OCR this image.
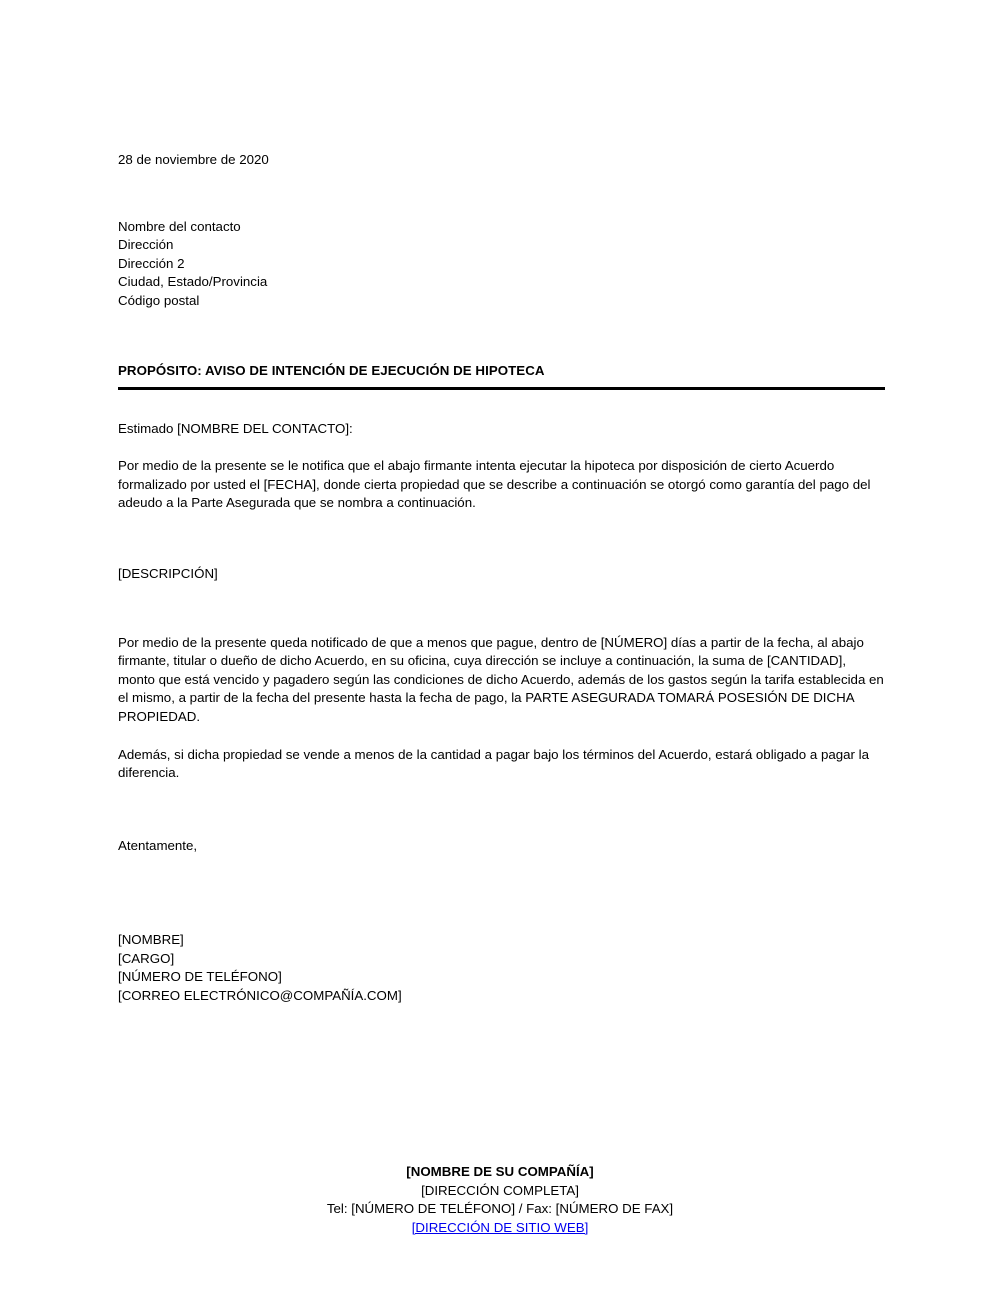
28 de noviembre de 2020
Nombre del contacto
Dirección
Dirección 2
Ciudad, Estado/Provincia
Código postal
PROPÓSITO: AVISO DE INTENCIÓN DE EJECUCIÓN DE HIPOTECA
Estimado [NOMBRE DEL CONTACTO]:
Por medio de la presente se le notifica que el abajo firmante intenta ejecutar la hipoteca por disposición de cierto Acuerdo formalizado por usted el [FECHA], donde cierta propiedad que se describe a continuación se otorgó como garantía del pago del adeudo a la Parte Asegurada que se nombra a continuación.
[DESCRIPCIÓN]
Por medio de la presente queda notificado de que a menos que pague, dentro de [NÚMERO] días a partir de la fecha, al abajo firmante, titular o dueño de dicho Acuerdo, en su oficina, cuya dirección se incluye a continuación, la suma de [CANTIDAD], monto que está vencido y pagadero según las condiciones de dicho Acuerdo, además de los gastos según la tarifa establecida en el mismo, a partir de la fecha del presente hasta la fecha de pago, la PARTE ASEGURADA TOMARÁ POSESIÓN DE DICHA PROPIEDAD.
Además, si dicha propiedad se vende a menos de la cantidad a pagar bajo los términos del Acuerdo, estará obligado a pagar la diferencia.
Atentamente,
[NOMBRE]
[CARGO]
[NÚMERO DE TELÉFONO]
[CORREO ELECTRÓNICO@COMPAÑÍA.COM]
[NOMBRE DE SU COMPAÑÍA]
[DIRECCIÓN COMPLETA]
Tel: [NÚMERO DE TELÉFONO] / Fax: [NÚMERO DE FAX]
[DIRECCIÓN DE SITIO WEB]
